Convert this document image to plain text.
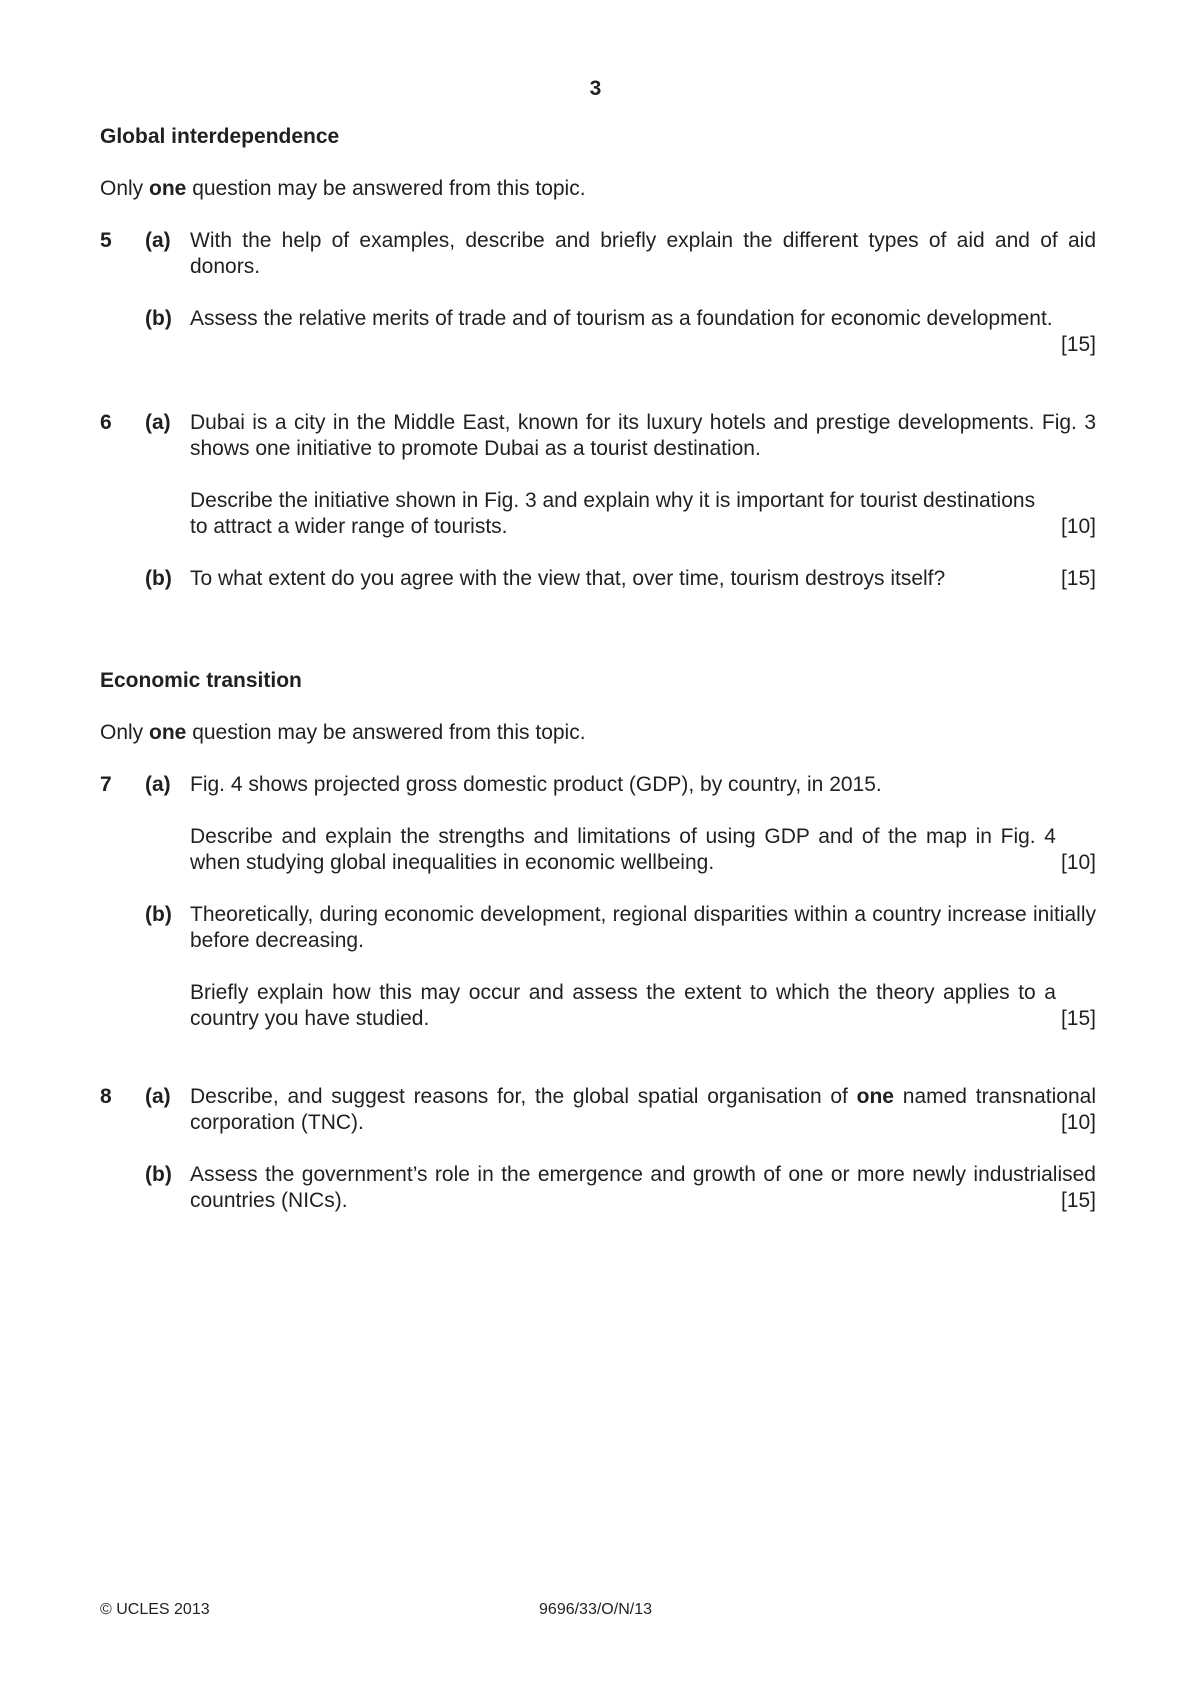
3
Global interdependence
Only one question may be answered from this topic.
5 (a) With the help of examples, describe and briefly explain the different types of aid and of aid donors.

(b) Assess the relative merits of trade and of tourism as a foundation for economic development.

[15]
6 (a) Dubai is a city in the Middle East, known for its luxury hotels and prestige developments. Fig. 3 shows one initiative to promote Dubai as a tourist destination.

Describe the initiative shown in Fig. 3 and explain why it is important for tourist destinations to attract a wider range of tourists.	[10]
(b) To what extent do you agree with the view that, over time, tourism destroys itself?	[15]
Economic transition
Only one question may be answered from this topic.
7 (a) Fig. 4 shows projected gross domestic product (GDP), by country, in 2015.

Describe and explain the strengths and limitations of using GDP and of the map in Fig. 4 when studying global inequalities in economic wellbeing.	[10]
(b) Theoretically, during economic development, regional disparities within a country increase initially before decreasing.

Briefly explain how this may occur and assess the extent to which the theory applies to a country you have studied.	[15]
8 (a) Describe, and suggest reasons for, the global spatial organisation of one named transnational corporation (TNC).	[10]
(b) Assess the government’s role in the emergence and growth of one or more newly industrialised countries (NICs).	[15]
© UCLES 2013	9696/33/O/N/13
